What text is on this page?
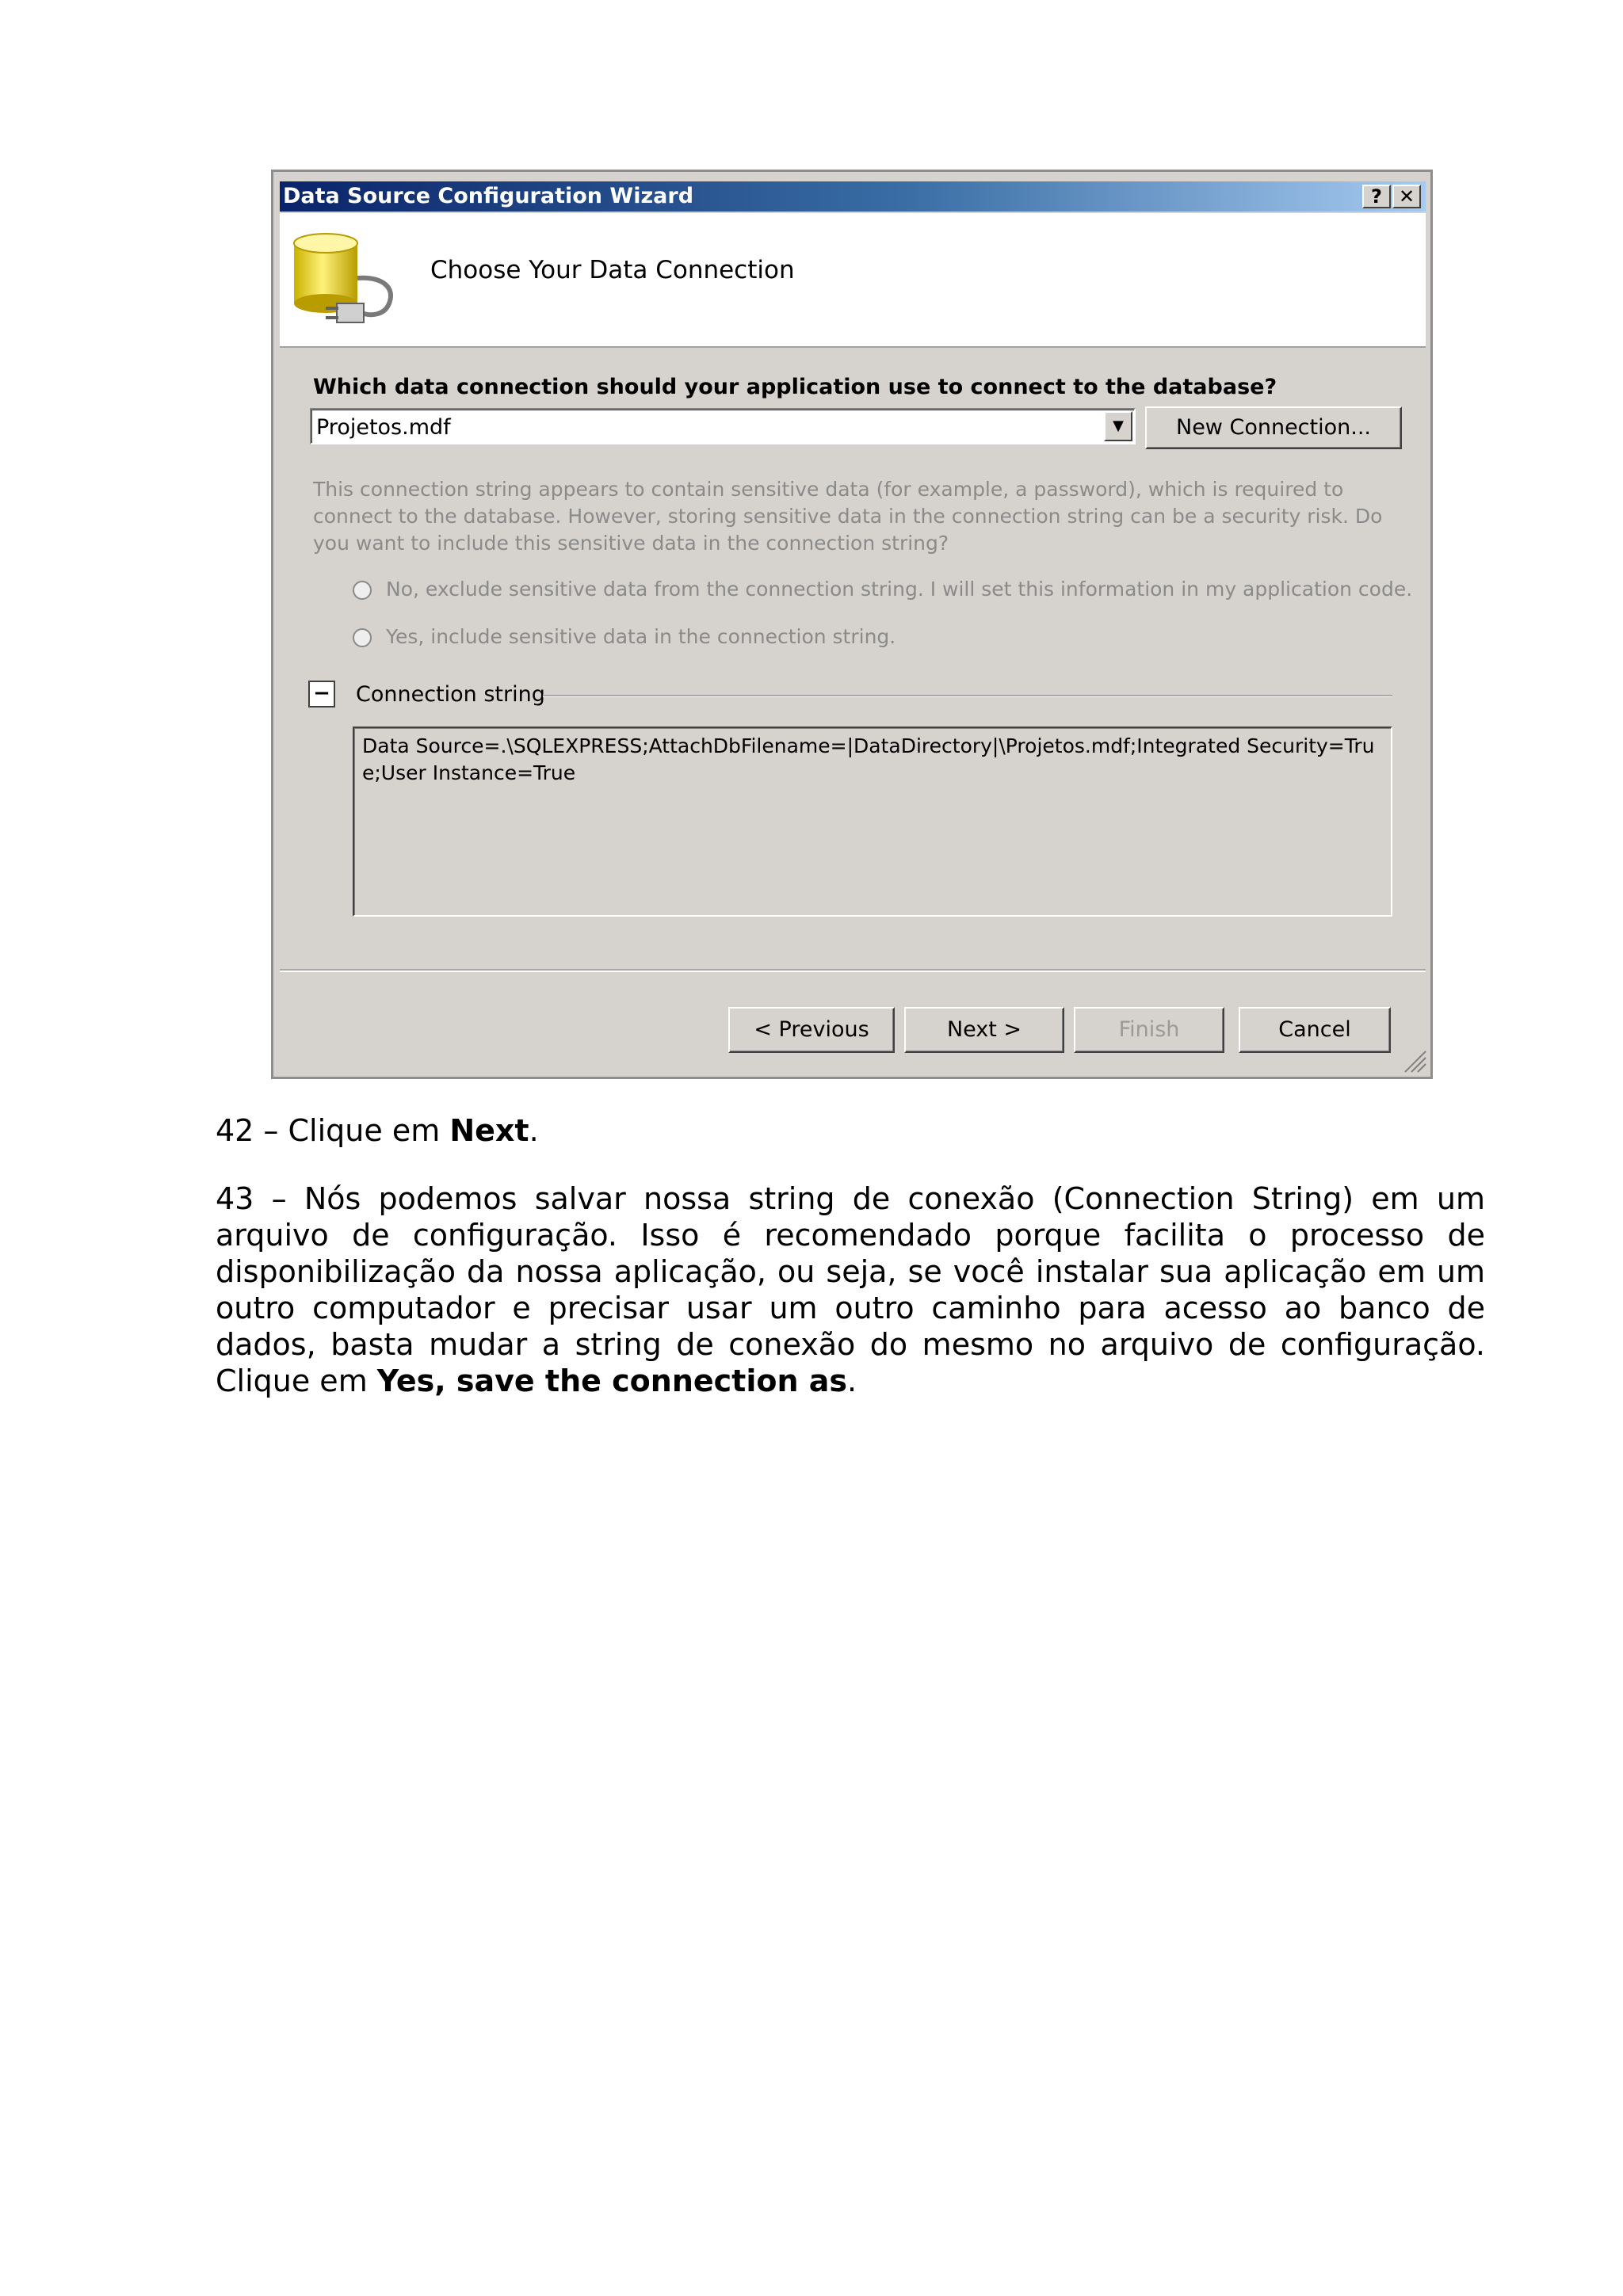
Data Source Configuration Wizard	? ✕
Choose Your Data Connection
Which data connection should your application use to connect to the database?
Projetos.mdf	▼	New Connection...
This connection string appears to contain sensitive data (for example, a password), which is required to connect to the database. However, storing sensitive data in the connection string can be a security risk. Do you want to include this sensitive data in the connection string?
No, exclude sensitive data from the connection string. I will set this information in my application code.
Yes, include sensitive data in the connection string.
− Connection string
Data Source=.\SQLEXPRESS;AttachDbFilename=|DataDirectory|\Projetos.mdf;Integrated Security=True;User Instance=True
< Previous	Next >	Finish	Cancel

42 – Clique em Next.

43 – Nós podemos salvar nossa string de conexão (Connection String) em um arquivo de configuração. Isso é recomendado porque facilita o processo de disponibilização da nossa aplicação, ou seja, se você instalar sua aplicação em um outro computador e precisar usar um outro caminho para acesso ao banco de dados, basta mudar a string de conexão do mesmo no arquivo de configuração. Clique em Yes, save the connection as.
